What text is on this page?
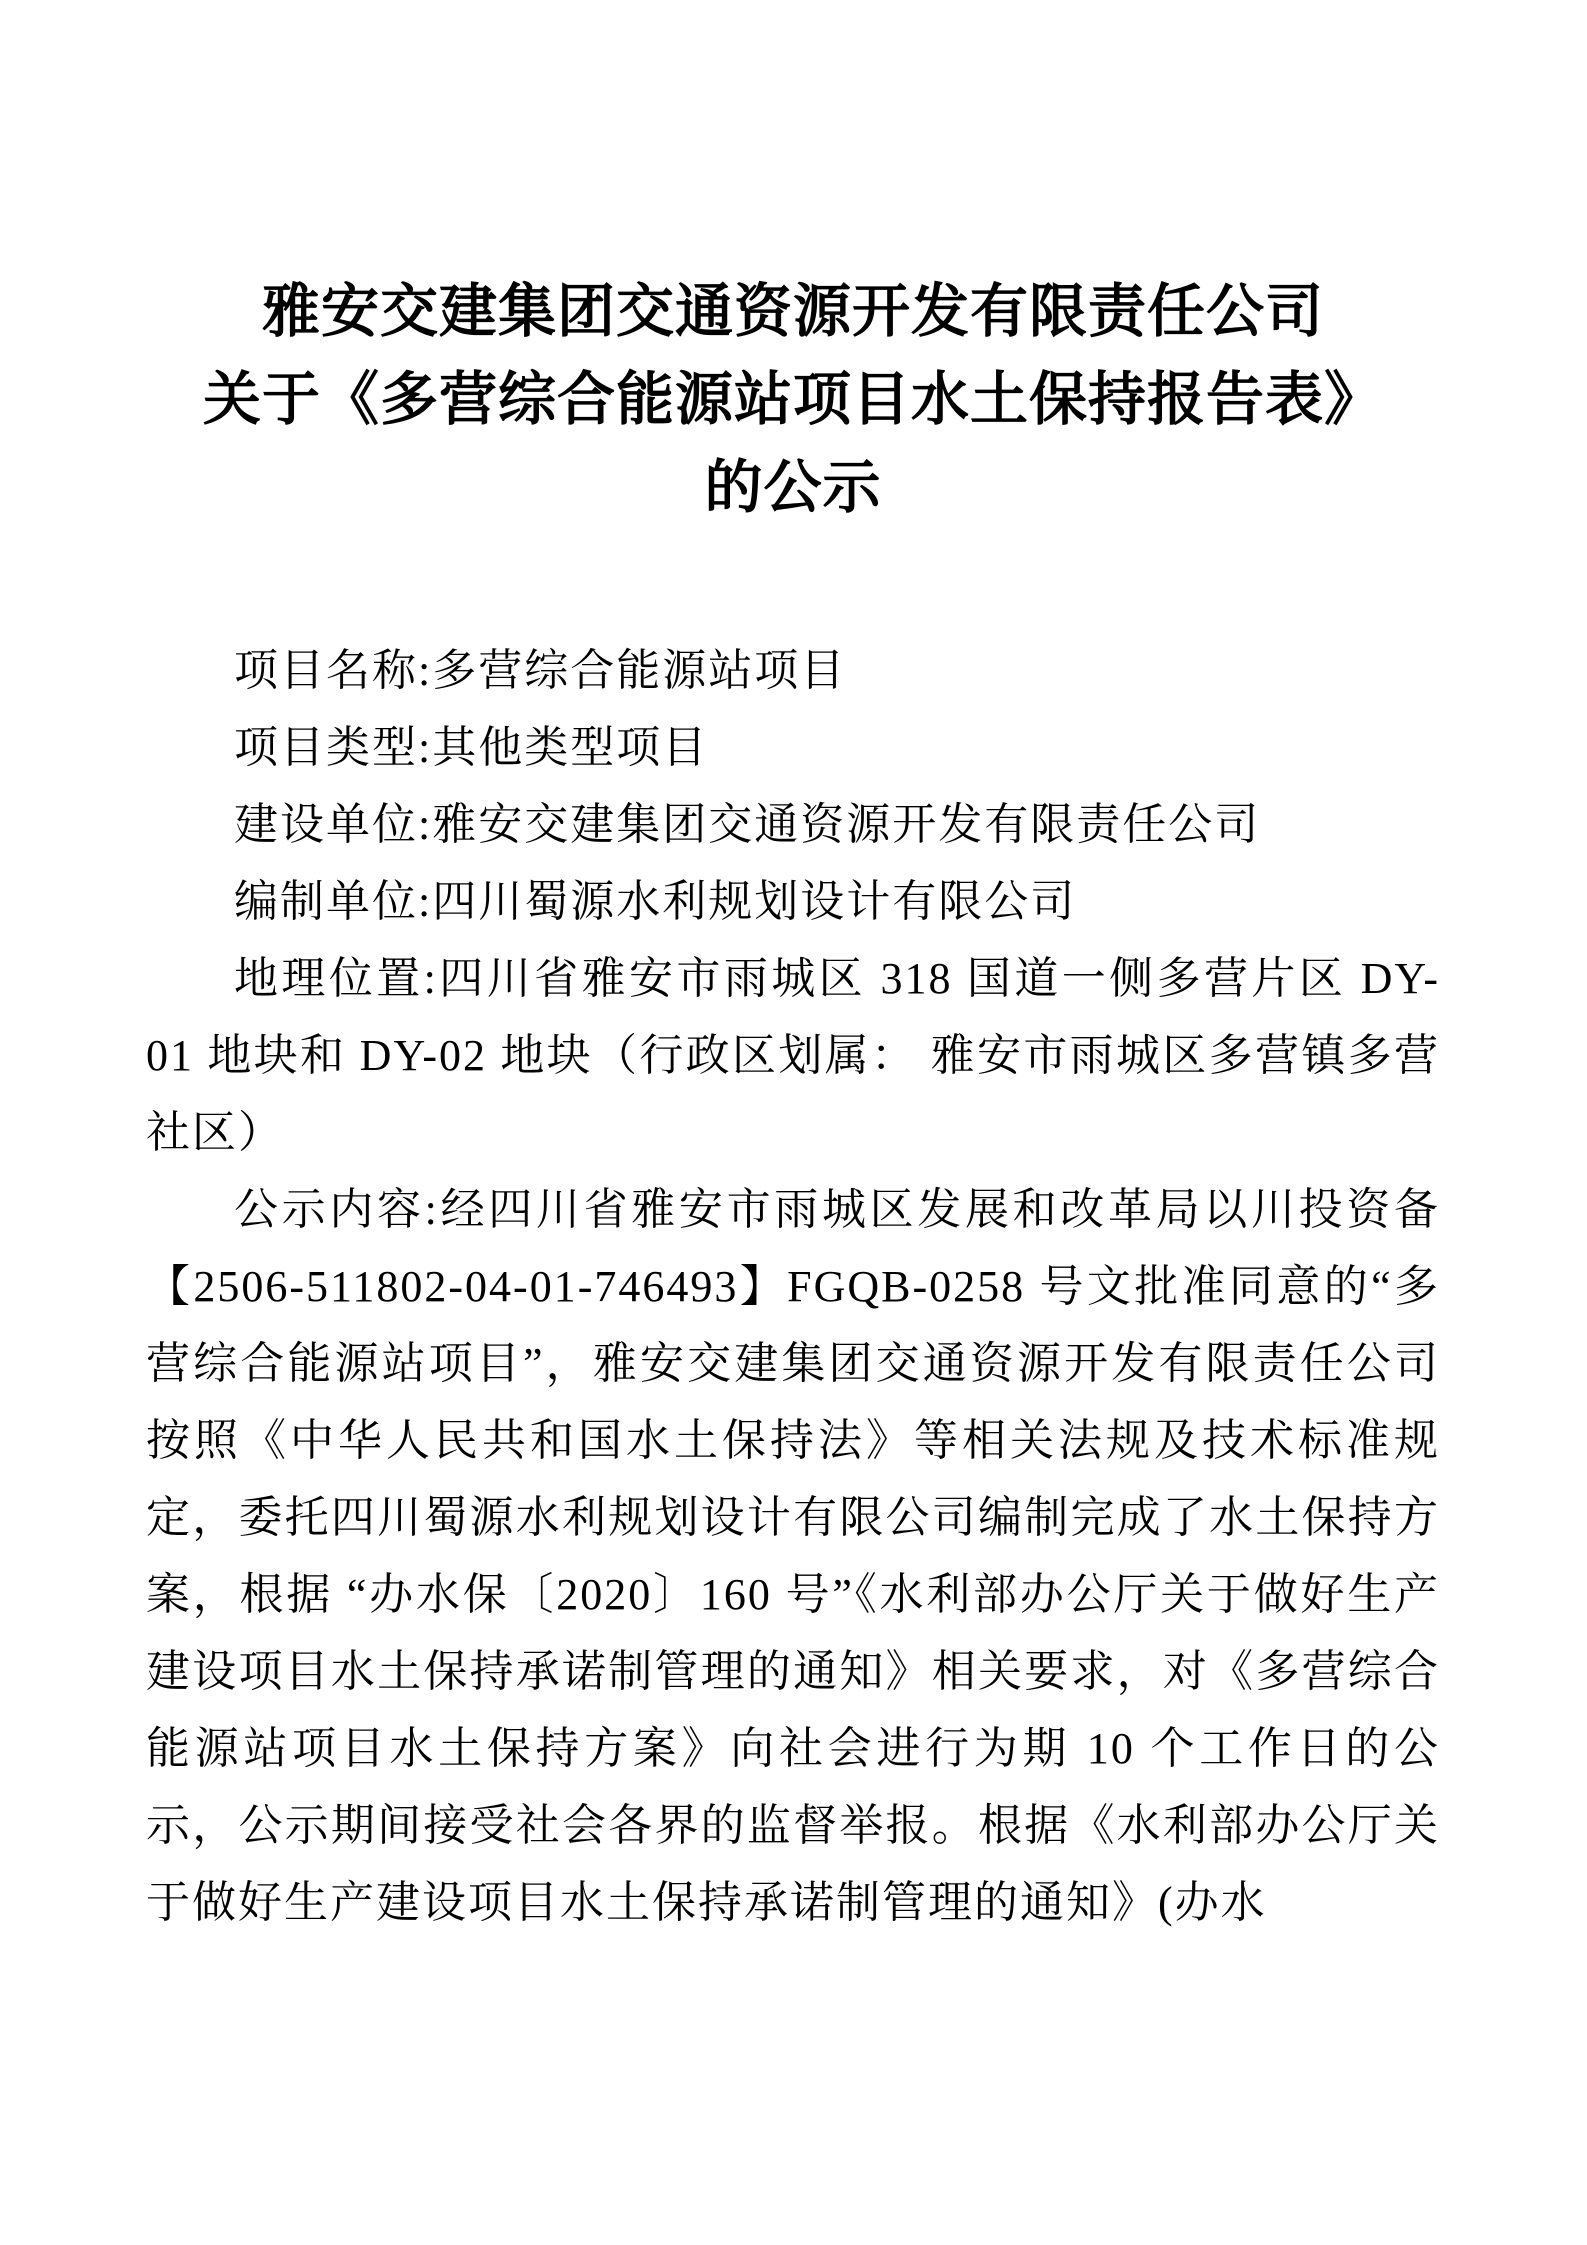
雅安交建集团交通资源开发有限责任公司
关于《多营综合能源站项目水土保持报告表》
的公示

项目名称:多营综合能源站项目

项目类型:其他类型项目

建设单位:雅安交建集团交通资源开发有限责任公司

编制单位:四川蜀源水利规划设计有限公司

地理位置:四川省雅安市雨城区 318 国道一侧多营片区 DY-01 地块和 DY-02 地块（行政区划属： 雅安市雨城区多营镇多营社区）

公示内容:经四川省雅安市雨城区发展和改革局以川投资备【2506-511802-04-01-746493】FGQB-0258 号文批准同意的“多营综合能源站项目”，雅安交建集团交通资源开发有限责任公司按照《中华人民共和国水土保持法》等相关法规及技术标准规定，委托四川蜀源水利规划设计有限公司编制完成了水土保持方案，根据 “办水保〔2020〕160 号”《水利部办公厅关于做好生产建设项目水土保持承诺制管理的通知》相关要求，对《多营综合能源站项目水土保持方案》向社会进行为期 10 个工作日的公示，公示期间接受社会各界的监督举报。根据《水利部办公厅关于做好生产建设项目水土保持承诺制管理的通知》(办水
